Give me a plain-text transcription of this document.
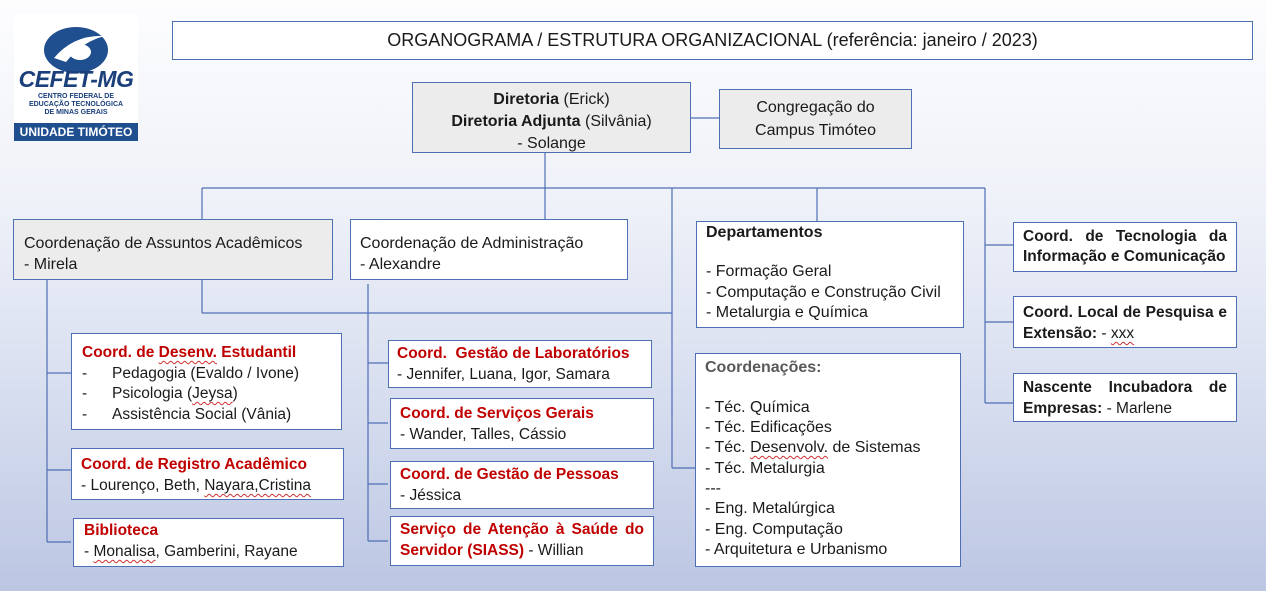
CEFET-MG
CENTRO FEDERAL DE
EDUCAÇÃO TECNOLÓGICA
DE MINAS GERAIS
UNIDADE TIMÓTEO
ORGANOGRAMA / ESTRUTURA ORGANIZACIONAL (referência: janeiro / 2023)
Diretoria (Erick)
Diretoria Adjunta (Silvânia)
- Solange
Congregação do
Campus Timóteo
Coordenação de Assuntos Acadêmicos
- Mirela
Coordenação de Administração
- Alexandre
Departamentos
- Formação Geral
- Computação e Construção Civil
- Metalurgia e Química
Coord. de Tecnologia da
Informação e Comunicação
Coord. Local de Pesquisa e
Extensão: - xxx
Nascente Incubadora de
Empresas: - Marlene
Coord. de Desenv. Estudantil
- Pedagogia (Evaldo / Ivone)
- Psicologia (Jeysa)
- Assistência Social (Vânia)
Coord. de Registro Acadêmico
- Lourenço, Beth, Nayara,Cristina
Biblioteca
- Monalisa, Gamberini, Rayane
Coord.  Gestão de Laboratórios
- Jennifer, Luana, Igor, Samara
Coord. de Serviços Gerais
- Wander, Talles, Cássio
Coord. de Gestão de Pessoas
- Jéssica
Serviço de Atenção à Saúde do
Servidor (SIASS) - Willian
Coordenações:
- Téc. Química
- Téc. Edificações
- Téc. Desenvolv. de Sistemas
- Téc. Metalurgia
---
- Eng. Metalúrgica
- Eng. Computação
- Arquitetura e Urbanismo
